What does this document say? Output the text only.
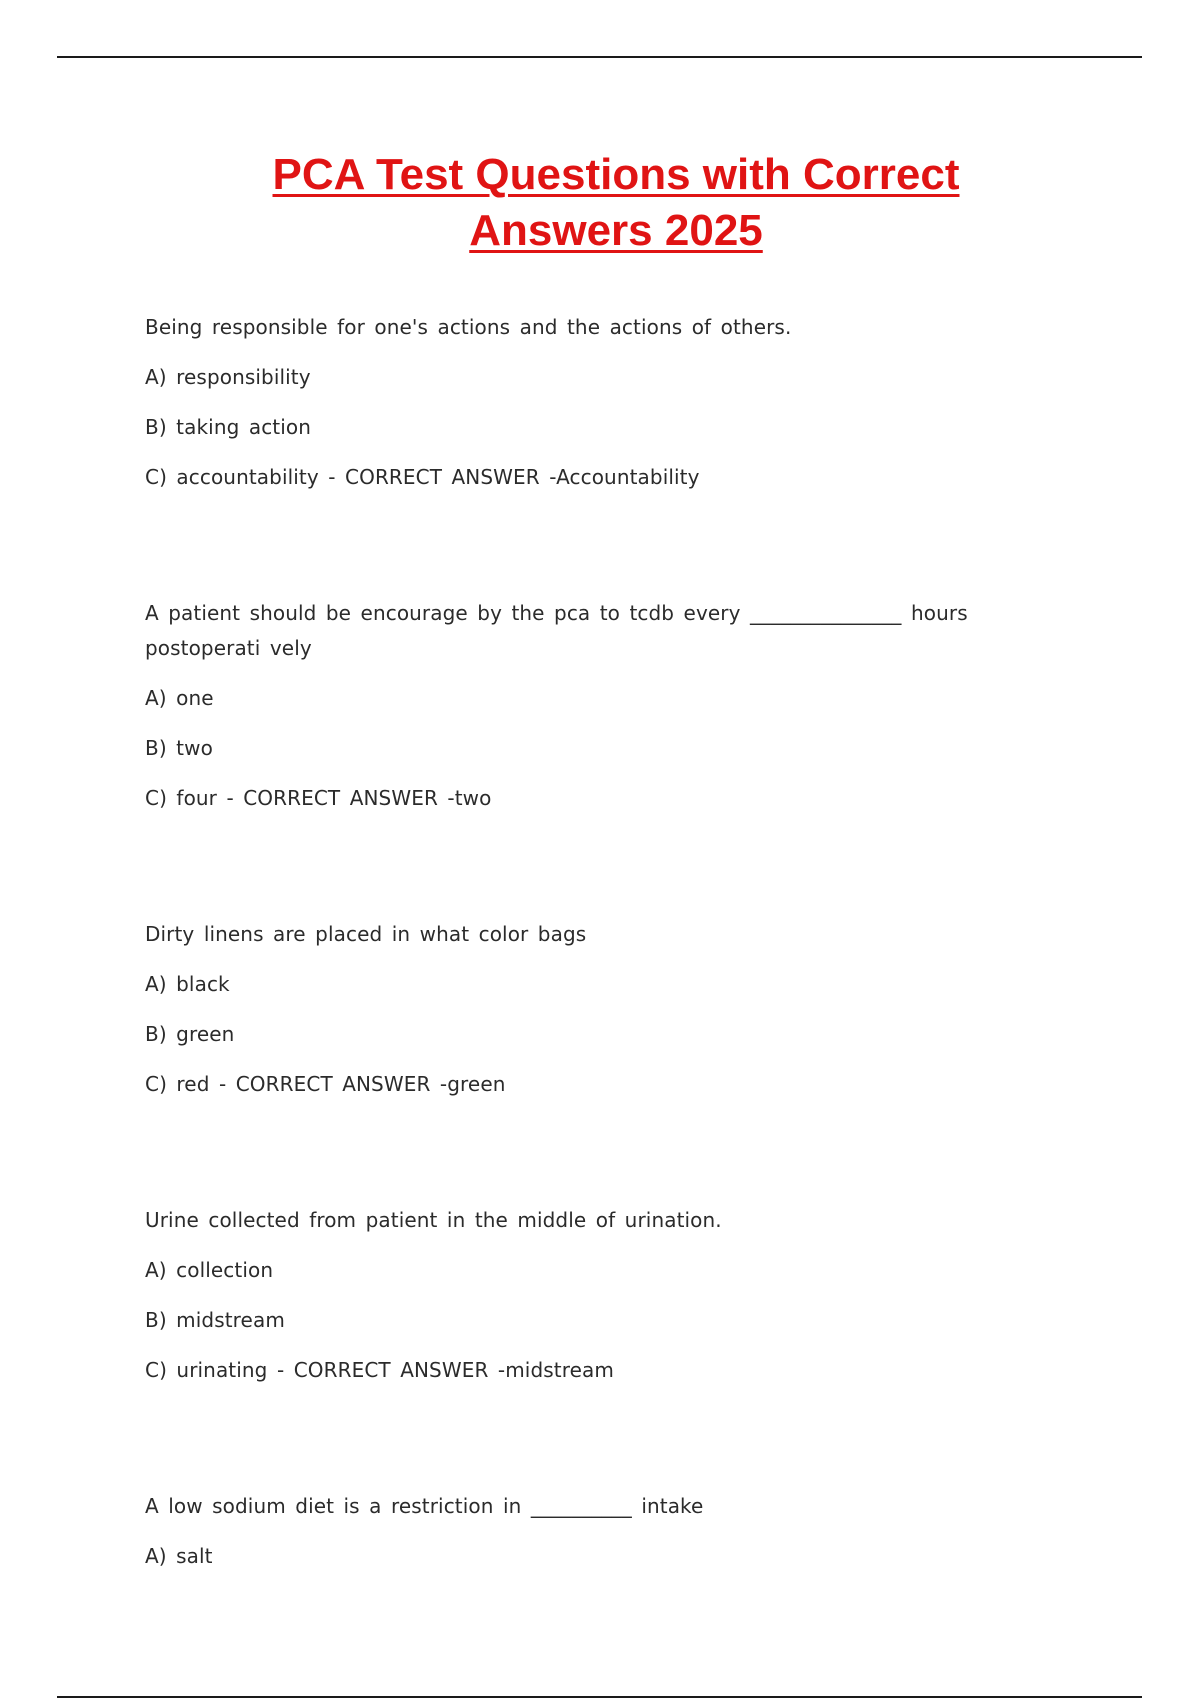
PCA Test Questions with Correct
Answers 2025

Being responsible for one's actions and the actions of others.

A) responsibility

B) taking action

C) accountability - CORRECT ANSWER -Accountability

A patient should be encourage by the pca to tcdb every _______________ hours postoperati vely

A) one

B) two

C) four - CORRECT ANSWER -two

Dirty linens are placed in what color bags

A) black

B) green

C) red - CORRECT ANSWER -green

Urine collected from patient in the middle of urination.

A) collection

B) midstream

C) urinating - CORRECT ANSWER -midstream

A low sodium diet is a restriction in __________ intake

A) salt
